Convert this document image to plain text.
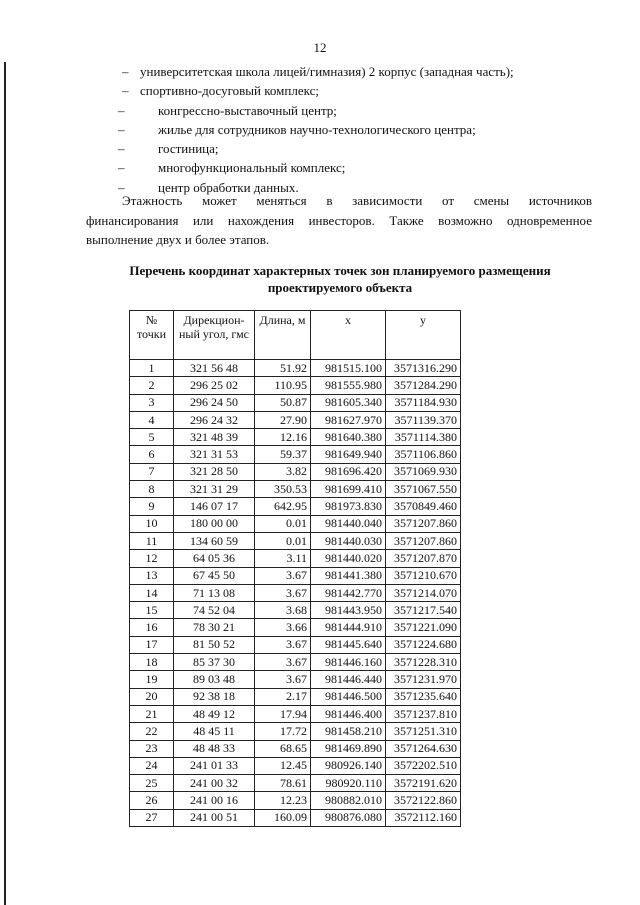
12
– университетская школа лицей/гимназия) 2 корпус (западная часть);
– спортивно-досуговый комплекс;
–	конгрессно-выставочный центр;
–	жилье для сотрудников научно-технологического центра;
–	гостиница;
–	многофункциональный комплекс;
–	центр обработки данных.

Этажность может меняться в зависимости от смены источников
финансирования или нахождения инвесторов. Также возможно одновременное
выполнение двух и более этапов.

Перечень координат характерных точек зон планируемого размещения
проектируемого объекта
№ точки	Дирекцион-ный угол, гмс	Длина, м	x	y
1	321 56 48	51.92	981515.100	3571316.290
2	296 25 02	110.95	981555.980	3571284.290
3	296 24 50	50.87	981605.340	3571184.930
4	296 24 32	27.90	981627.970	3571139.370
5	321 48 39	12.16	981640.380	3571114.380
6	321 31 53	59.37	981649.940	3571106.860
7	321 28 50	3.82	981696.420	3571069.930
8	321 31 29	350.53	981699.410	3571067.550
9	146 07 17	642.95	981973.830	3570849.460
10	180 00 00	0.01	981440.040	3571207.860
11	134 60 59	0.01	981440.030	3571207.860
12	64 05 36	3.11	981440.020	3571207.870
13	67 45 50	3.67	981441.380	3571210.670
14	71 13 08	3.67	981442.770	3571214.070
15	74 52 04	3.68	981443.950	3571217.540
16	78 30 21	3.66	981444.910	3571221.090
17	81 50 52	3.67	981445.640	3571224.680
18	85 37 30	3.67	981446.160	3571228.310
19	89 03 48	3.67	981446.440	3571231.970
20	92 38 18	2.17	981446.500	3571235.640
21	48 49 12	17.94	981446.400	3571237.810
22	48 45 11	17.72	981458.210	3571251.310
23	48 48 33	68.65	981469.890	3571264.630
24	241 01 33	12.45	980926.140	3572202.510
25	241 00 32	78.61	980920.110	3572191.620
26	241 00 16	12.23	980882.010	3572122.860
27	241 00 51	160.09	980876.080	3572112.160
